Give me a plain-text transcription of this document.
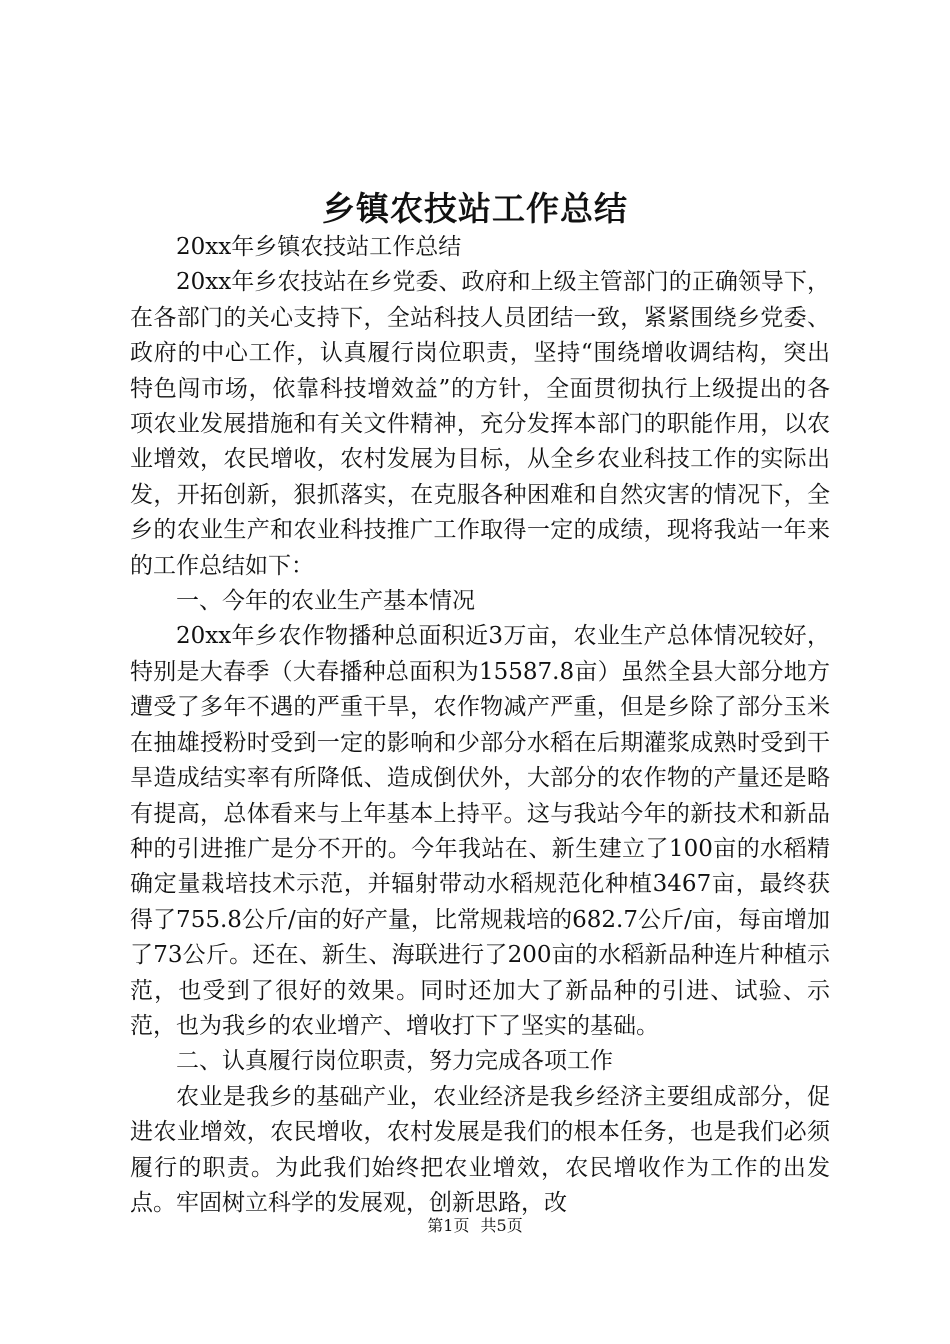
乡镇农技站工作总结

20xx年乡镇农技站工作总结

20xx年乡农技站在乡党委、政府和上级主管部门的正确领导下，在各部门的关心支持下，全站科技人员团结一致，紧紧围绕乡党委、政府的中心工作，认真履行岗位职责，坚持“围绕增收调结构，突出特色闯市场，依靠科技增效益”的方针，全面贯彻执行上级提出的各项农业发展措施和有关文件精神，充分发挥本部门的职能作用，以农业增效，农民增收，农村发展为目标，从全乡农业科技工作的实际出发，开拓创新，狠抓落实，在克服各种困难和自然灾害的情况下，全乡的农业生产和农业科技推广工作取得一定的成绩，现将我站一年来的工作总结如下：

一、今年的农业生产基本情况

20xx年乡农作物播种总面积近3万亩，农业生产总体情况较好，特别是大春季（大春播种总面积为15587.8亩）虽然全县大部分地方遭受了多年不遇的严重干旱，农作物减产严重，但是乡除了部分玉米在抽雄授粉时受到一定的影响和少部分水稻在后期灌浆成熟时受到干旱造成结实率有所降低、造成倒伏外，大部分的农作物的产量还是略有提高，总体看来与上年基本上持平。这与我站今年的新技术和新品种的引进推广是分不开的。今年我站在、新生建立了100亩的水稻精确定量栽培技术示范，并辐射带动水稻规范化种植3467亩，最终获得了755.8公斤/亩的好产量，比常规栽培的682.7公斤/亩，每亩增加了73公斤。还在、新生、海联进行了200亩的水稻新品种连片种植示范，也受到了很好的效果。同时还加大了新品种的引进、试验、示范，也为我乡的农业增产、增收打下了坚实的基础。

二、认真履行岗位职责，努力完成各项工作

农业是我乡的基础产业，农业经济是我乡经济主要组成部分，促进农业增效，农民增收，农村发展是我们的根本任务，也是我们必须履行的职责。为此我们始终把农业增效，农民增收作为工作的出发点。牢固树立科学的发展观，创新思路，改

第1页 共5页
